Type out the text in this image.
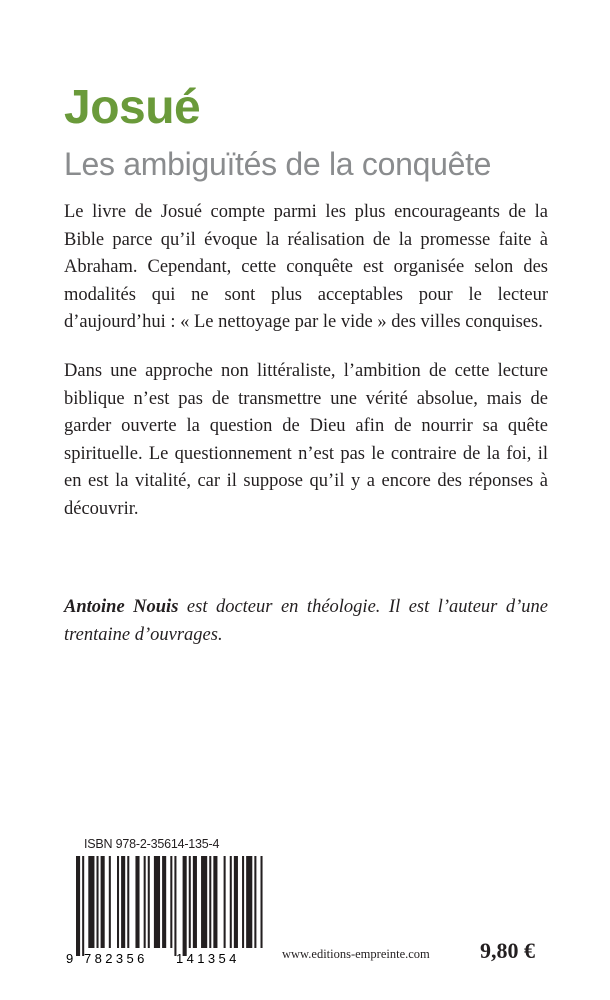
Josué
Les ambiguïtés de la conquête

Le livre de Josué compte parmi les plus encourageants de la Bible parce qu’il évoque la réalisation de la promesse faite à Abraham. Cependant, cette conquête est organisée selon des modalités qui ne sont plus acceptables pour le lecteur d’aujourd’hui : « Le nettoyage par le vide » des villes conquises.

Dans une approche non littéraliste, l’ambition de cette lecture biblique n’est pas de transmettre une vérité absolue, mais de garder ouverte la question de Dieu afin de nourrir sa quête spirituelle. Le questionnement n’est pas le contraire de la foi, il en est la vitalité, car il suppose qu’il y a encore des réponses à découvrir.

Antoine Nouis est docteur en théologie. Il est l’auteur d’une trentaine d’ouvrages.

ISBN 978-2-35614-135-4
9 782356 141354	www.editions-empreinte.com 9,80 €
